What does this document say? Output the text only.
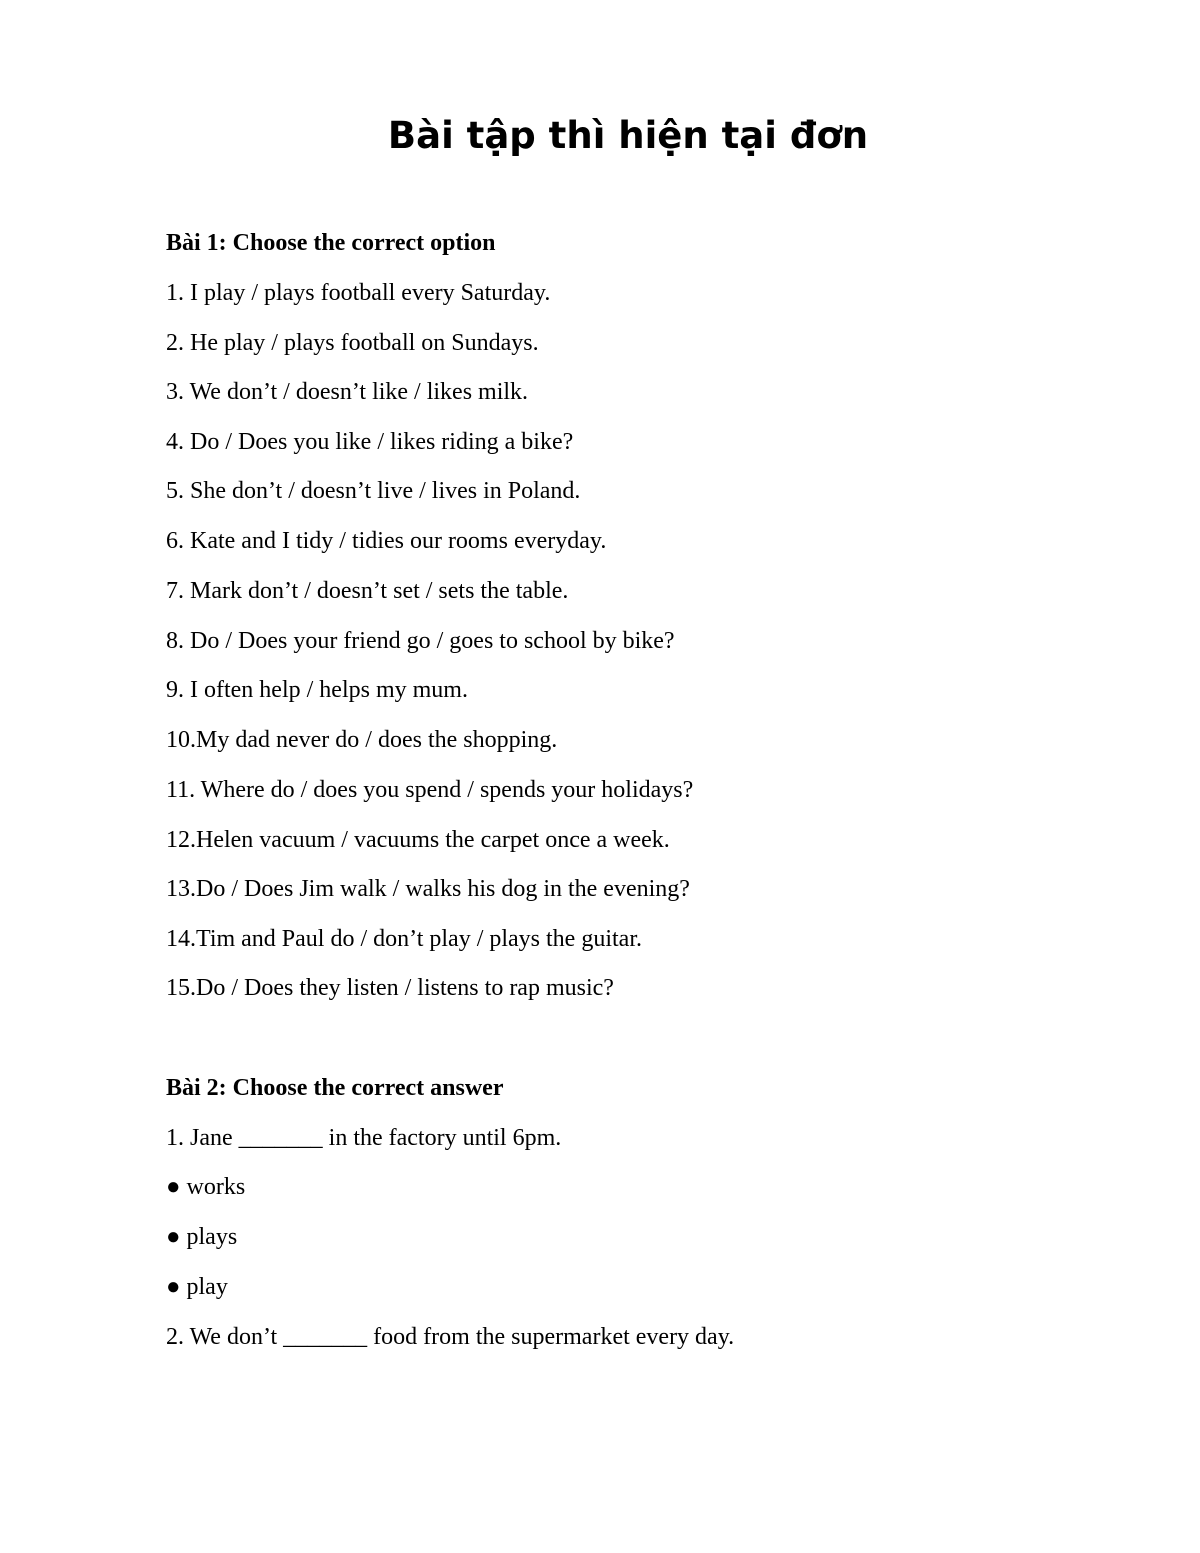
Bài tập thì hiện tại đơn

Bài 1: Choose the correct option

1. I play / plays football every Saturday.

2. He play / plays football on Sundays.

3. We don’t / doesn’t like / likes milk.

4. Do / Does you like / likes riding a bike?

5. She don’t / doesn’t live / lives in Poland.

6. Kate and I tidy / tidies our rooms everyday.

7. Mark don’t / doesn’t set / sets the table.

8. Do / Does your friend go / goes to school by bike?

9. I often help / helps my mum.

10.My dad never do / does the shopping.

11. Where do / does you spend / spends your holidays?

12.Helen vacuum / vacuums the carpet once a week.

13.Do / Does Jim walk / walks his dog in the evening?

14.Tim and Paul do / don’t play / plays the guitar.

15.Do / Does they listen / listens to rap music?

Bài 2: Choose the correct answer

1. Jane _______ in the factory until 6pm.

● works

● plays

● play

2. We don’t _______ food from the supermarket every day.
